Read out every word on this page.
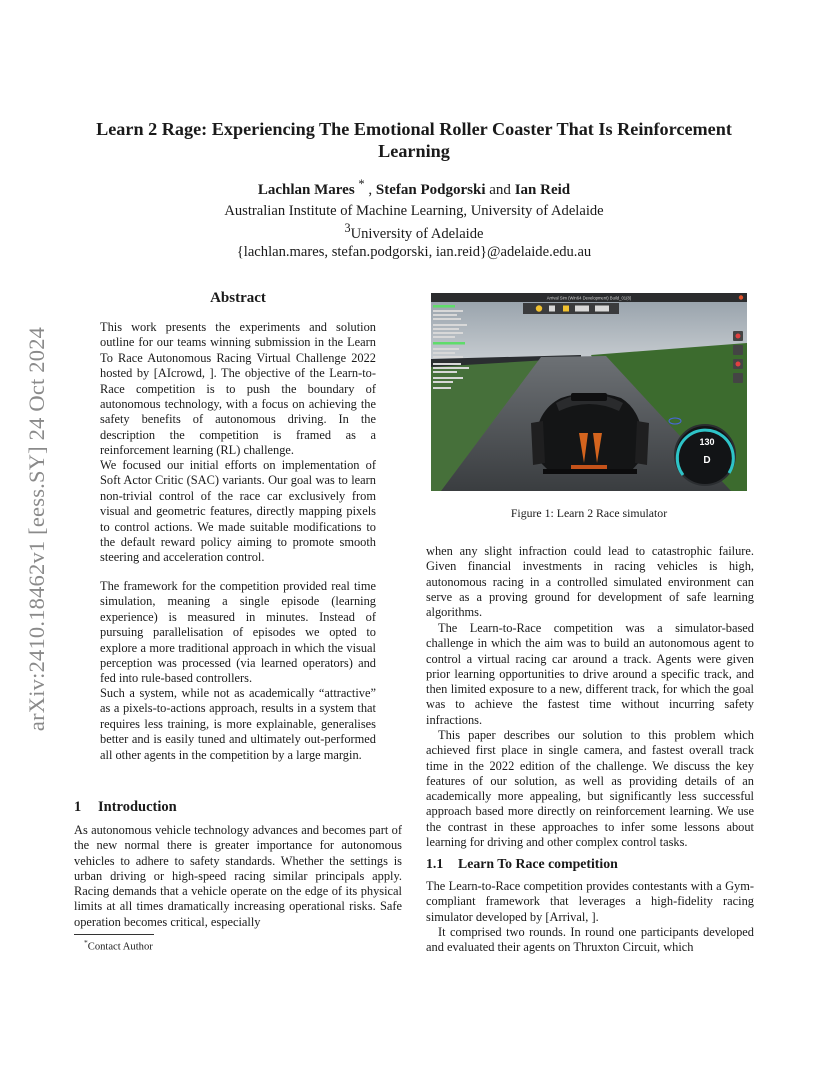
arXiv:2410.18462v1 [eess.SY] 24 Oct 2024
Learn 2 Rage: Experiencing The Emotional Roller Coaster That Is Reinforcement Learning
Lachlan Mares * , Stefan Podgorski and Ian Reid
Australian Institute of Machine Learning, University of Adelaide
$^3$University of Adelaide
{lachlan.mares, stefan.podgorski, ian.reid}@adelaide.edu.au
Abstract

This work presents the experiments and solution outline for our teams winning submission in the Learn To Race Autonomous Racing Virtual Challenge 2022 hosted by [AIcrowd, ]. The objective of the Learn-to-Race competition is to push the boundary of autonomous technology, with a focus on achieving the safety benefits of autonomous driving. In the description the competition is framed as a reinforcement learning (RL) challenge.

We focused our initial efforts on implementation of Soft Actor Critic (SAC) variants. Our goal was to learn non-trivial control of the race car exclusively from visual and geometric features, directly mapping pixels to control actions. We made suitable modifications to the default reward policy aiming to promote smooth steering and acceleration control.

The framework for the competition provided real time simulation, meaning a single episode (learning experience) is measured in minutes. Instead of pursuing parallelisation of episodes we opted to explore a more traditional approach in which the visual perception was processed (via learned operators) and fed into rule-based controllers.

Such a system, while not as academically “attractive” as a pixels-to-actions approach, results in a system that requires less training, is more explainable, generalises better and is easily tuned and ultimately out-performed all other agents in the competition by a large margin.

1 Introduction

As autonomous vehicle technology advances and becomes part of the new normal there is greater importance for autonomous vehicles to adhere to safety standards. Whether the settings is urban driving or high-speed racing similar principals apply. Racing demands that a vehicle operate on the edge of its physical limits at all times dramatically increasing operational risks. Safe operation becomes critical, especially

*Contact Author
Arrival Sim (Win64 Development) Build_01(8)
130
D
Figure 1: Learn 2 Race simulator

when any slight infraction could lead to catastrophic failure. Given financial investments in racing vehicles is high, autonomous racing in a controlled simulated environment can serve as a proving ground for development of safe learning algorithms.

The Learn-to-Race competition was a simulator-based challenge in which the aim was to build an autonomous agent to control a virtual racing car around a track. Agents were given prior learning opportunities to drive around a specific track, and then limited exposure to a new, different track, for which the goal was to achieve the fastest time without incurring safety infractions.

This paper describes our solution to this problem which achieved first place in single camera, and fastest overall track time in the 2022 edition of the challenge. We discuss the key features of our solution, as well as providing details of an academically more appealing, but significantly less successful approach based more directly on reinforcement learning. We use the contrast in these approaches to infer some lessons about learning for driving and other complex control tasks.

1.1 Learn To Race competition

The Learn-to-Race competition provides contestants with a Gym-compliant framework that leverages a high-fidelity racing simulator developed by [Arrival, ].

It comprised two rounds. In round one participants developed and evaluated their agents on Thruxton Circuit, which
